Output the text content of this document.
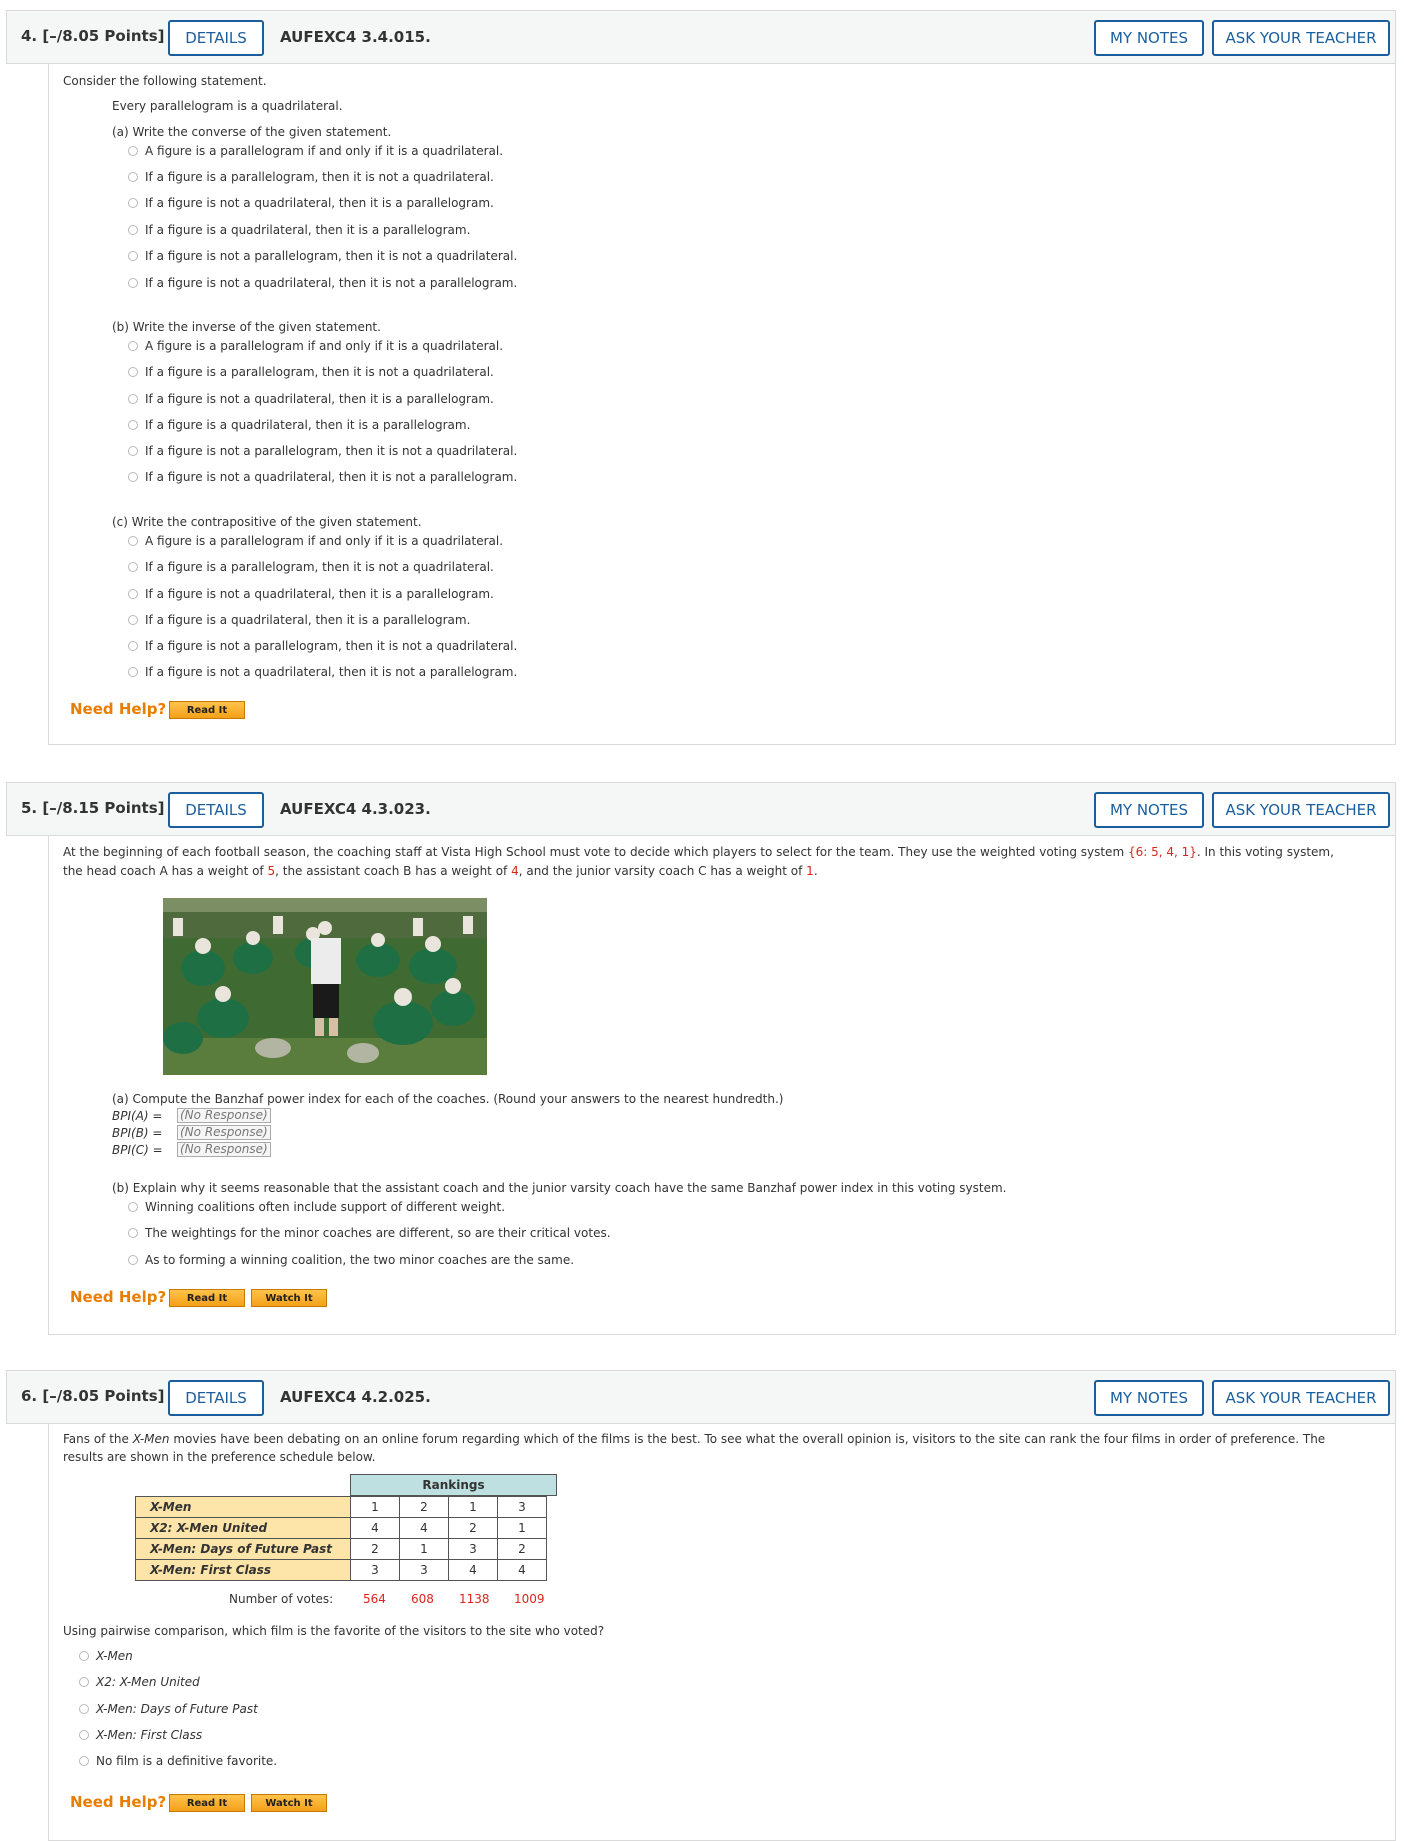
4. [–/8.05 Points]	DETAILS	AUFEXC4 3.4.015.	MY NOTES	ASK YOUR TEACHER
Consider the following statement.
Every parallelogram is a quadrilateral.
(a) Write the converse of the given statement.
A figure is a parallelogram if and only if it is a quadrilateral.
If a figure is a parallelogram, then it is not a quadrilateral.
If a figure is not a quadrilateral, then it is a parallelogram.
If a figure is a quadrilateral, then it is a parallelogram.
If a figure is not a parallelogram, then it is not a quadrilateral.
If a figure is not a quadrilateral, then it is not a parallelogram.
(b) Write the inverse of the given statement.
A figure is a parallelogram if and only if it is a quadrilateral.
If a figure is a parallelogram, then it is not a quadrilateral.
If a figure is not a quadrilateral, then it is a parallelogram.
If a figure is a quadrilateral, then it is a parallelogram.
If a figure is not a parallelogram, then it is not a quadrilateral.
If a figure is not a quadrilateral, then it is not a parallelogram.
(c) Write the contrapositive of the given statement.
A figure is a parallelogram if and only if it is a quadrilateral.
If a figure is a parallelogram, then it is not a quadrilateral.
If a figure is not a quadrilateral, then it is a parallelogram.
If a figure is a quadrilateral, then it is a parallelogram.
If a figure is not a parallelogram, then it is not a quadrilateral.
If a figure is not a quadrilateral, then it is not a parallelogram.
Need Help?	Read It
5. [–/8.15 Points]	DETAILS	AUFEXC4 4.3.023.	MY NOTES	ASK YOUR TEACHER
At the beginning of each football season, the coaching staff at Vista High School must vote to decide which players to select for the team. They use the weighted voting system {6: 5, 4, 1}. In this voting system,
the head coach A has a weight of 5, the assistant coach B has a weight of 4, and the junior varsity coach C has a weight of 1.
(a) Compute the Banzhaf power index for each of the coaches. (Round your answers to the nearest hundredth.)
BPI(A) = (No Response)
BPI(B) = (No Response)
BPI(C) = (No Response)
(b) Explain why it seems reasonable that the assistant coach and the junior varsity coach have the same Banzhaf power index in this voting system.
Winning coalitions often include support of different weight.
The weightings for the minor coaches are different, so are their critical votes.
As to forming a winning coalition, the two minor coaches are the same.
Need Help?	Read It	Watch It
6. [–/8.05 Points]	DETAILS	AUFEXC4 4.2.025.	MY NOTES	ASK YOUR TEACHER
Fans of the X-Men movies have been debating on an online forum regarding which of the films is the best. To see what the overall opinion is, visitors to the site can rank the four films in order of preference. The
results are shown in the preference schedule below.
Rankings
X-Men	1	2	1	3
X2: X-Men United	4	4	2	1
X-Men: Days of Future Past	2	1	3	2
X-Men: First Class	3	3	4	4
Number of votes: 564 608 1138 1009
Using pairwise comparison, which film is the favorite of the visitors to the site who voted?
X-Men
X2: X-Men United
X-Men: Days of Future Past
X-Men: First Class
No film is a definitive favorite.
Need Help?	Read It	Watch It
